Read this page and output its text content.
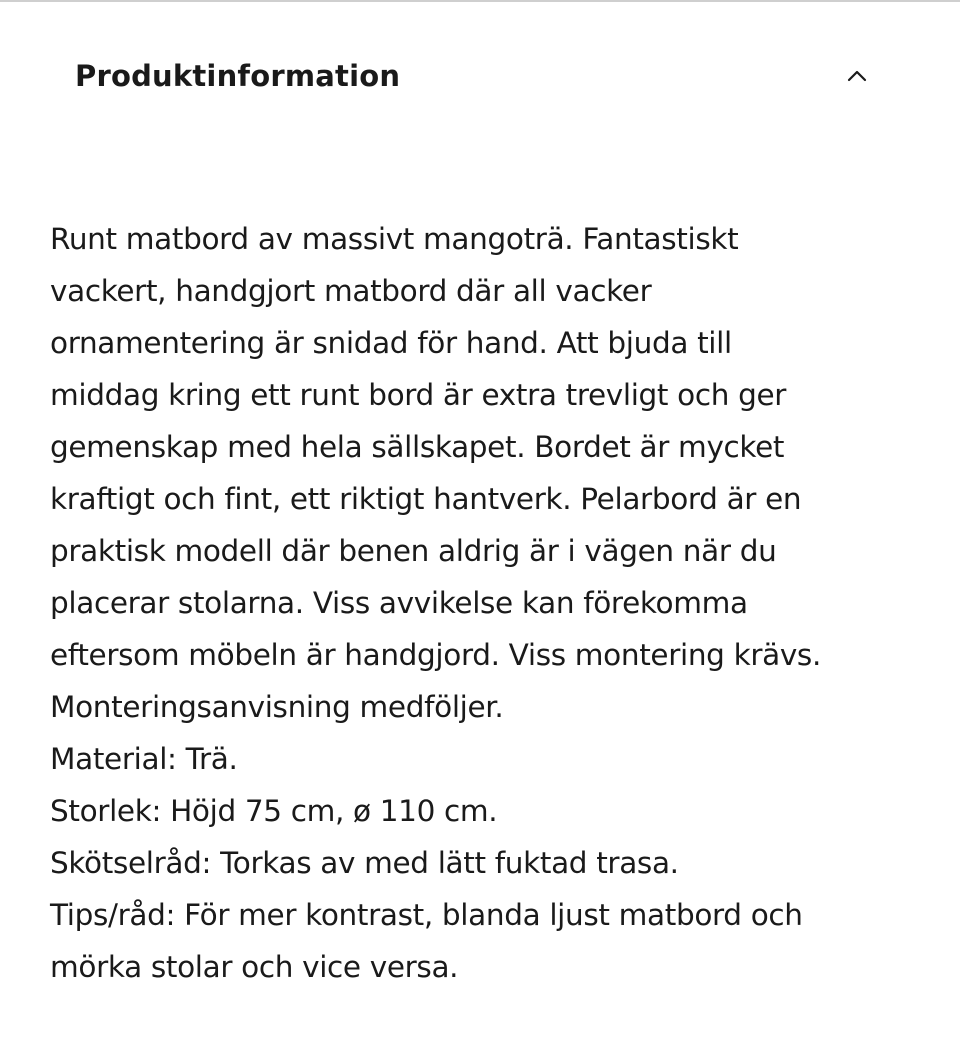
Produktinformation
Runt matbord av massivt mangoträ. Fantastiskt
vackert, handgjort matbord där all vacker
ornamentering är snidad för hand. Att bjuda till
middag kring ett runt bord är extra trevligt och ger
gemenskap med hela sällskapet. Bordet är mycket
kraftigt och fint, ett riktigt hantverk. Pelarbord är en
praktisk modell där benen aldrig är i vägen när du
placerar stolarna. Viss avvikelse kan förekomma
eftersom möbeln är handgjord. Viss montering krävs.
Monteringsanvisning medföljer.
Material: Trä.
Storlek: Höjd 75 cm, ø 110 cm.
Skötselråd: Torkas av med lätt fuktad trasa.
Tips/råd: För mer kontrast, blanda ljust matbord och
mörka stolar och vice versa.
